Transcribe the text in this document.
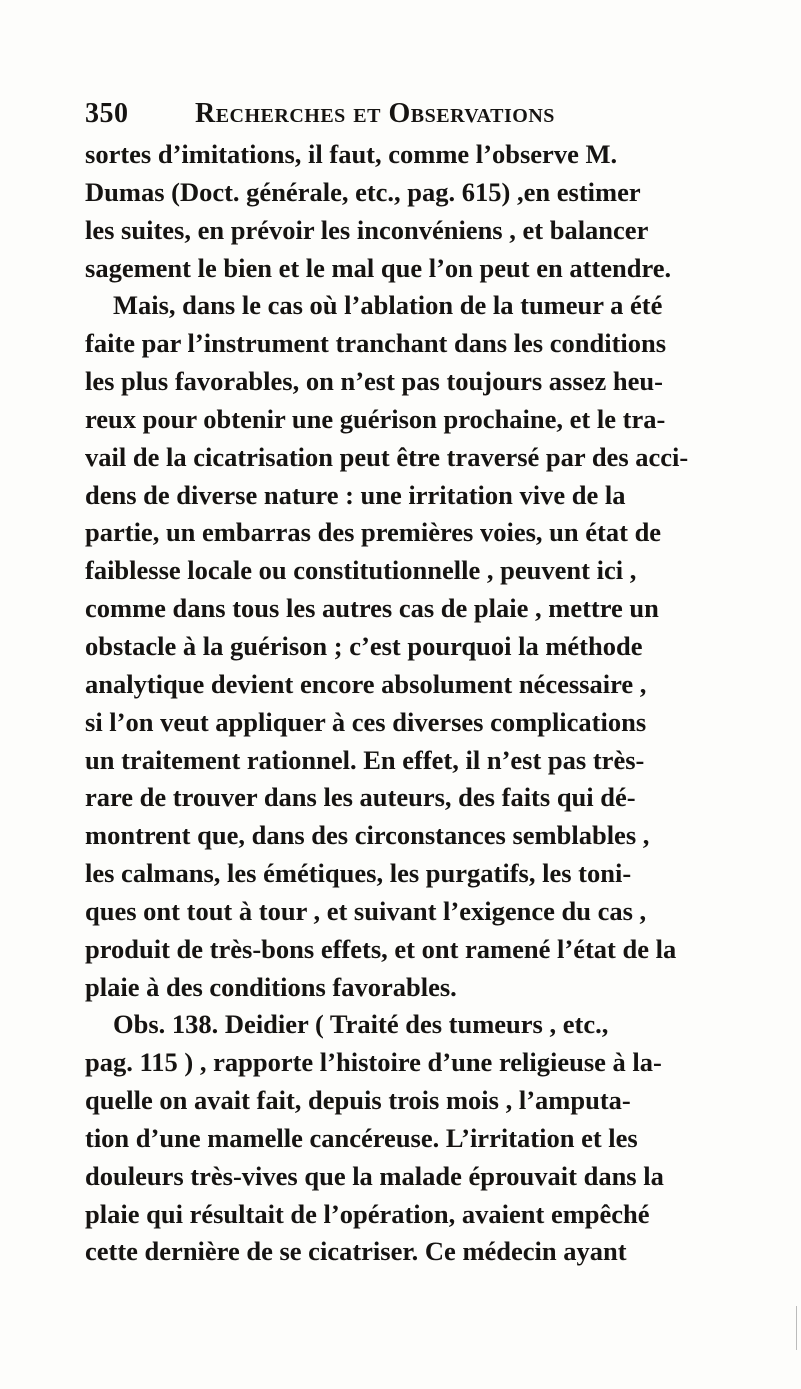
350 Recherches et Observations
sortes d’imitations, il faut, comme l’observe M.
Dumas (Doct. générale, etc., pag. 615) ,en estimer
les suites, en prévoir les inconvéniens , et balancer
sagement le bien et le mal que l’on peut en attendre.
Mais, dans le cas où l’ablation de la tumeur a été
faite par l’instrument tranchant dans les conditions
les plus favorables, on n’est pas toujours assez heu-
reux pour obtenir une guérison prochaine, et le tra-
vail de la cicatrisation peut être traversé par des acci-
dens de diverse nature : une irritation vive de la
partie, un embarras des premières voies, un état de
faiblesse locale ou constitutionnelle , peuvent ici ,
comme dans tous les autres cas de plaie , mettre un
obstacle à la guérison ; c’est pourquoi la méthode
analytique devient encore absolument nécessaire ,
si l’on veut appliquer à ces diverses complications
un traitement rationnel. En effet, il n’est pas très-
rare de trouver dans les auteurs, des faits qui dé-
montrent que, dans des circonstances semblables ,
les calmans, les émétiques, les purgatifs, les toni-
ques ont tout à tour , et suivant l’exigence du cas ,
produit de très-bons effets, et ont ramené l’état de la
plaie à des conditions favorables.
Obs. 138. Deidier ( Traité des tumeurs , etc.,
pag. 115 ) , rapporte l’histoire d’une religieuse à la-
quelle on avait fait, depuis trois mois , l’amputa-
tion d’une mamelle cancéreuse. L’irritation et les
douleurs très-vives que la malade éprouvait dans la
plaie qui résultait de l’opération, avaient empêché
cette dernière de se cicatriser. Ce médecin ayant
